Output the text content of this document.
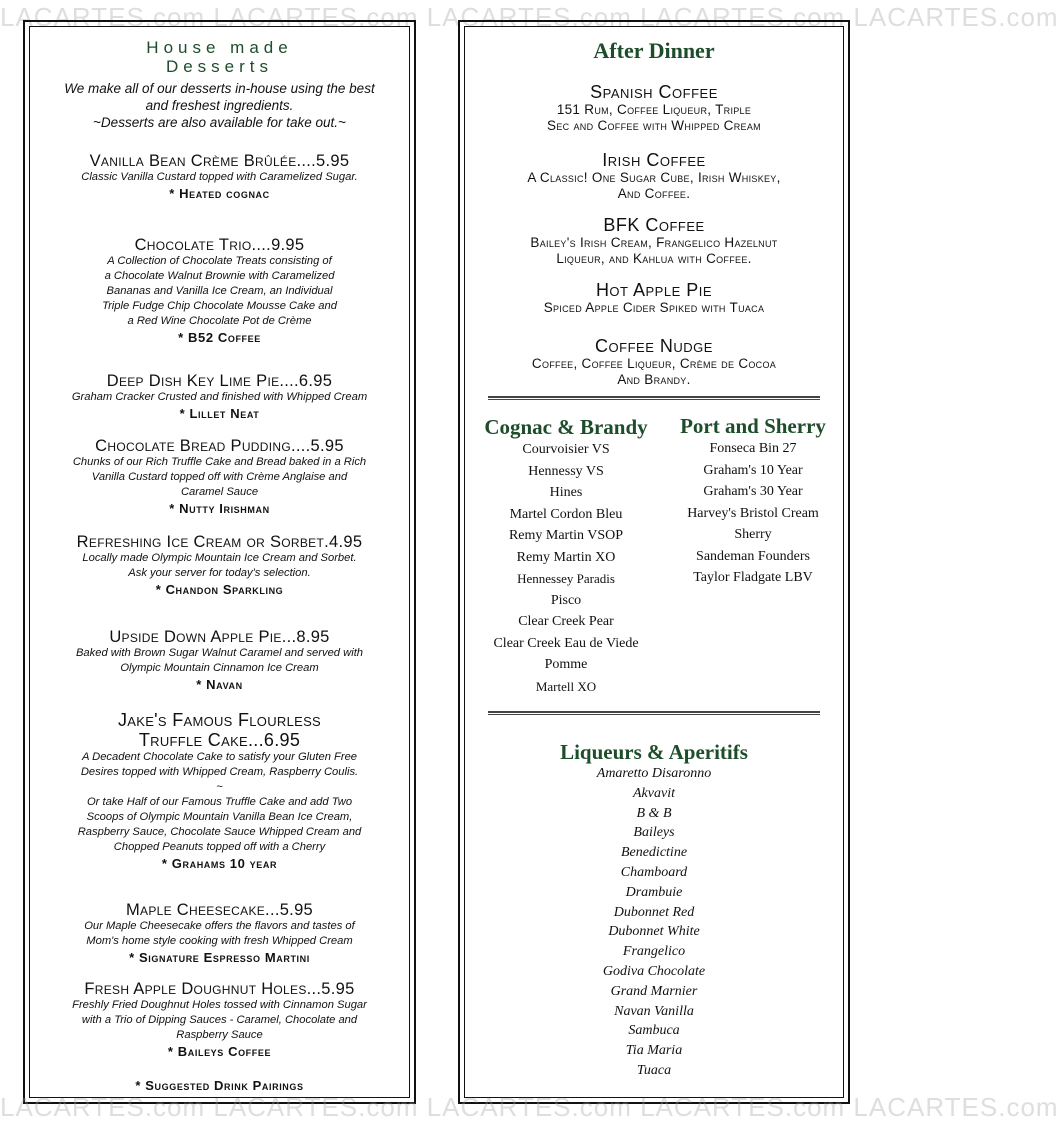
LACARTES.com LACARTES.com LACARTES.com LACARTES.com LACARTES.com
House made
Desserts
We make all of our desserts in-house using the best
and freshest ingredients.
~Desserts are also available for take out.~
Vanilla Bean Crème Brûlée....5.95
Classic Vanilla Custard topped with Caramelized Sugar.
* Heated cognac
Chocolate Trio....9.95
A Collection of Chocolate Treats consisting of
a Chocolate Walnut Brownie with Caramelized
Bananas and Vanilla Ice Cream, an Individual
Triple Fudge Chip Chocolate Mousse Cake and
a Red Wine Chocolate Pot de Crème
* B52 Coffee
Deep Dish Key Lime Pie....6.95
Graham Cracker Crusted and finished with Whipped Cream
* Lillet Neat
Chocolate Bread Pudding....5.95
Chunks of our Rich Truffle Cake and Bread baked in a Rich
Vanilla Custard topped off with Crème Anglaise and
Caramel Sauce
* Nutty Irishman
Refreshing Ice Cream or Sorbet.4.95
Locally made Olympic Mountain Ice Cream and Sorbet.
Ask your server for today's selection.
* Chandon Sparkling
Upside Down Apple Pie...8.95
Baked with Brown Sugar Walnut Caramel and served with
Olympic Mountain Cinnamon Ice Cream
* Navan
Jake's Famous Flourless
Truffle Cake...6.95
A Decadent Chocolate Cake to satisfy your Gluten Free
Desires topped with Whipped Cream, Raspberry Coulis.
~
Or take Half of our Famous Truffle Cake and add Two
Scoops of Olympic Mountain Vanilla Bean Ice Cream,
Raspberry Sauce, Chocolate Sauce Whipped Cream and
Chopped Peanuts topped off with a Cherry
* Grahams 10 year
Maple Cheesecake...5.95
Our Maple Cheesecake offers the flavors and tastes of
Mom's home style cooking with fresh Whipped Cream
* Signature Espresso Martini
Fresh Apple Doughnut Holes...5.95
Freshly Fried Doughnut Holes tossed with Cinnamon Sugar
with a Trio of Dipping Sauces - Caramel, Chocolate and
Raspberry Sauce
* Baileys Coffee
* Suggested Drink Pairings
After Dinner
Spanish Coffee
151 Rum, Coffee Liqueur, Triple
Sec and Coffee with Whipped Cream
Irish Coffee
A Classic! One Sugar Cube, Irish Whiskey,
And Coffee.
BFK Coffee
Bailey's Irish Cream, Frangelico Hazelnut
Liqueur, and Kahlua with Coffee.
Hot Apple Pie
Spiced Apple Cider Spiked with Tuaca
Coffee Nudge
Coffee, Coffee Liqueur, Crème de Cocoa
And Brandy.
Cognac & Brandy
Courvoisier VS
Hennessy VS
Hines
Martel Cordon Bleu
Remy Martin VSOP
Remy Martin XO
Hennessey Paradis
Pisco
Clear Creek Pear
Clear Creek Eau de Viede
Pomme
Martell XO
Port and Sherry
Fonseca Bin 27
Graham's 10 Year
Graham's 30 Year
Harvey's Bristol Cream
Sherry
Sandeman Founders
Taylor Fladgate LBV
Liqueurs & Aperitifs
Amaretto Disaronno
Akvavit
B & B
Baileys
Benedictine
Chamboard
Drambuie
Dubonnet Red
Dubonnet White
Frangelico
Godiva Chocolate
Grand Marnier
Navan Vanilla
Sambuca
Tia Maria
Tuaca
LACARTES.com LACARTES.com LACARTES.com LACARTES.com LACARTES.com
